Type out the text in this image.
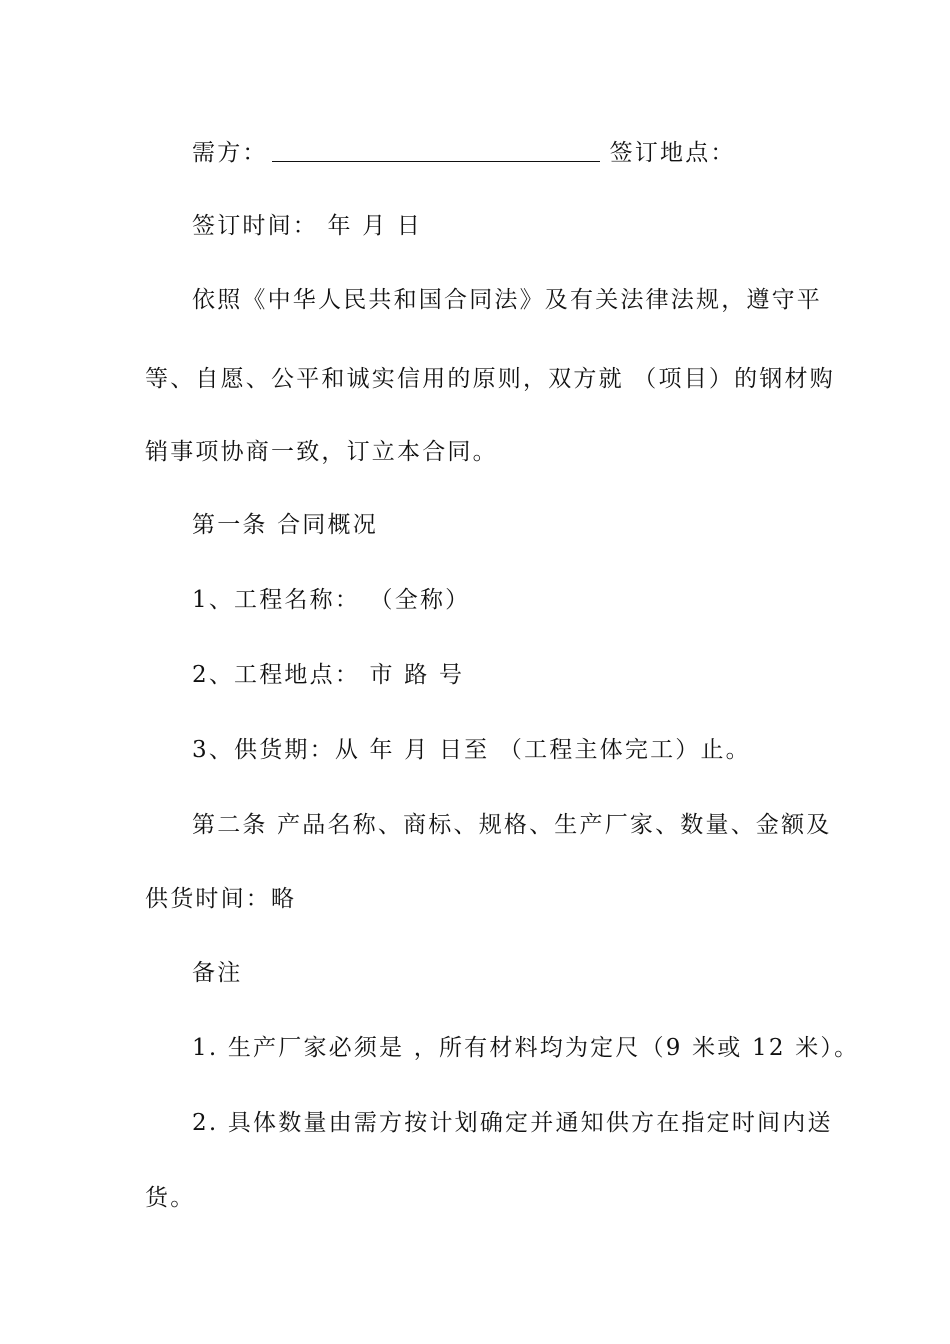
需方：	签订地点：
签订时间： 年 月 日
依照《中华人民共和国合同法》及有关法律法规，遵守平
等、自愿、公平和诚实信用的原则，双方就 （项目）的钢材购
销事项协商一致，订立本合同。
第一条 合同概况
1、工程名称： （全称）
2、工程地点： 市 路 号
3、供货期：从 年 月 日至 （工程主体完工）止。
第二条 产品名称、商标、规格、生产厂家、数量、金额及
供货时间：略
备注
1. 生产厂家必须是 ，所有材料均为定尺（9 米或 12 米）。
2. 具体数量由需方按计划确定并通知供方在指定时间内送
货。
